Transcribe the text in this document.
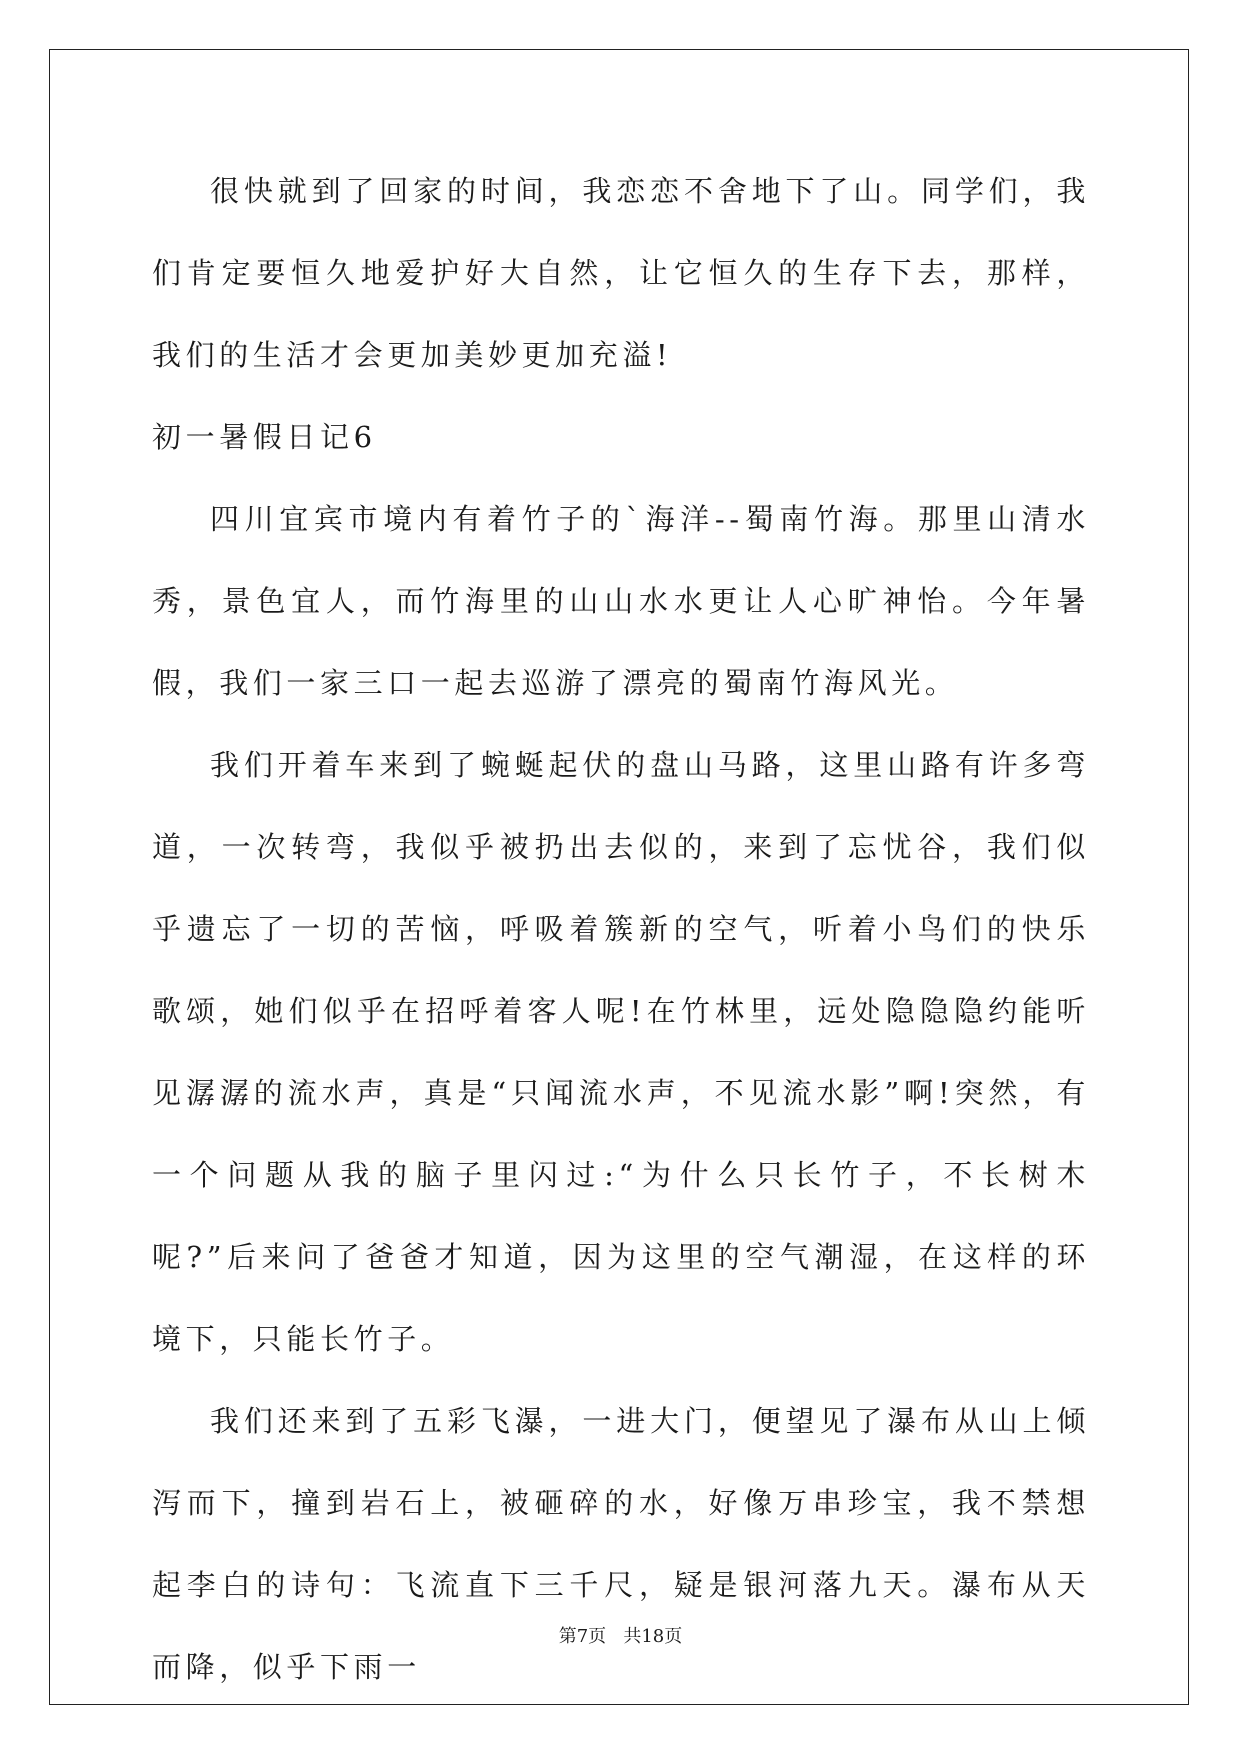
很快就到了回家的时间，我恋恋不舍地下了山。同学们，我们肯定要恒久地爱护好大自然，让它恒久的生存下去，那样，我们的生活才会更加美妙更加充溢!

初一暑假日记6

四川宜宾市境内有着竹子的`海洋--蜀南竹海。那里山清水秀，景色宜人，而竹海里的山山水水更让人心旷神怡。今年暑假，我们一家三口一起去巡游了漂亮的蜀南竹海风光。

我们开着车来到了蜿蜒起伏的盘山马路，这里山路有许多弯道，一次转弯，我似乎被扔出去似的，来到了忘忧谷，我们似乎遗忘了一切的苦恼，呼吸着簇新的空气，听着小鸟们的快乐歌颂，她们似乎在招呼着客人呢!在竹林里，远处隐隐隐约能听见潺潺的流水声，真是“只闻流水声，不见流水影”啊!突然，有一个问题从我的脑子里闪过:“为什么只长竹子，不长树木呢?”后来问了爸爸才知道，因为这里的空气潮湿，在这样的环境下，只能长竹子。

我们还来到了五彩飞瀑，一进大门，便望见了瀑布从山上倾泻而下，撞到岩石上，被砸碎的水，好像万串珍宝，我不禁想起李白的诗句：飞流直下三千尺，疑是银河落九天。瀑布从天而降，似乎下雨一

第7页   共18页
